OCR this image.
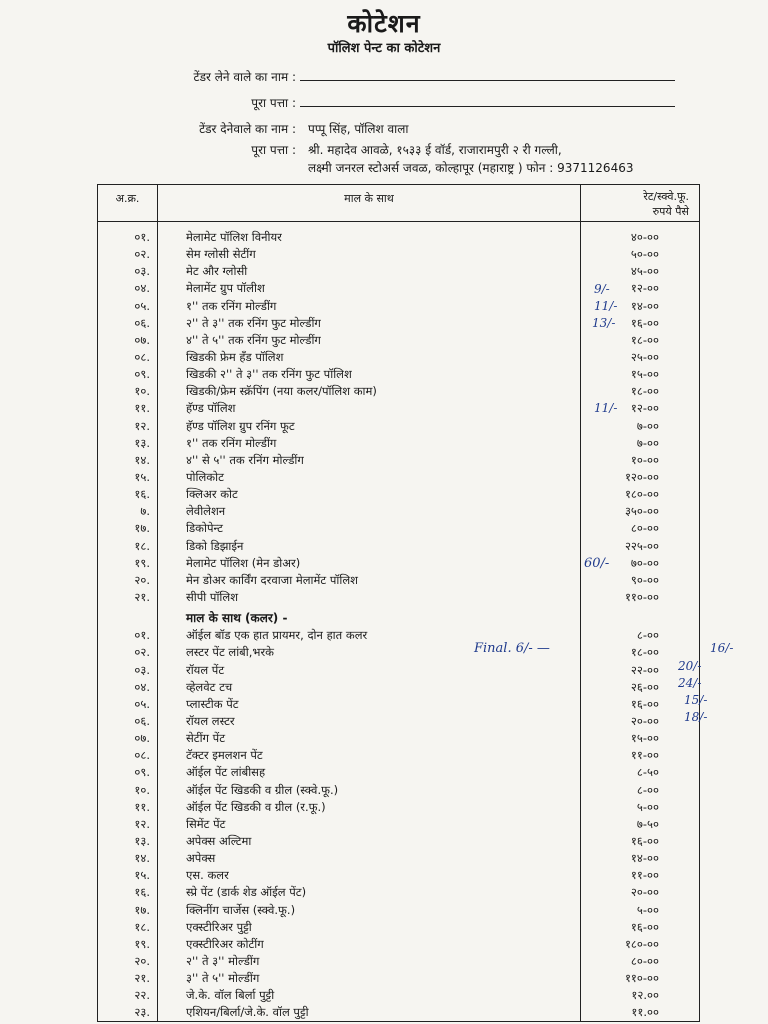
कोटेशन
पॉलिश पेन्ट का कोटेशन
टेंडर लेने वाले का नाम :
पूरा पत्ता :
टेंडर देनेवाले का नाम : पप्पू सिंह, पॉलिश वाला
पूरा पत्ता : श्री. महादेव आवळे, १५३३ ई वॉर्ड, राजारामपुरी २ री गल्ली,
लक्ष्मी जनरल स्टोअर्स जवळ, कोल्हापूर (महाराष्ट्र ) फोन : 9371126463
अ.क्र.	माल के साथ	रेट/स्क्वे.फू.
रुपये पैसे

०१.	मेलामेट पॉलिश विनीयर	४०-००
०२.	सेम ग्लोसी सेटींग	५०-००
०३.	मेट और ग्लोसी	४५-००
०४.	मेलामेंट ग्रुप पॉलीश	१२-००
०५.	१'' तक रनिंग मोल्डींग	१४-००
०६.	२'' ते ३'' तक रनिंग फुट मोल्डींग	१६-००
०७.	४'' ते ५'' तक रनिंग फुट मोल्डींग	१८-००
०८.	खिडकी फ्रेम हॅंड पॉलिश	२५-००
०९.	खिडकी २'' ते ३'' तक रनिंग फुट पॉलिश	१५-००
१०.	खिडकी/फ्रेम स्क्रॅपिंग (नया कलर/पॉलिश काम)	१८-००
११.	हॅण्ड पॉलिश	१२-००
१२.	हॅण्ड पॉलिश ग्रुप रनिंग फूट	७-००
१३.	१'' तक रनिंग मोल्डींग	७-००
१४.	४'' से ५'' तक रनिंग मोल्डींग	१०-००
१५.	पोलिकोट	१२०-००
१६.	क्लिअर कोट	१८०-००
७.	लेवीलेशन	३५०-००
१७.	डिकोपेन्ट	८०-००
१८.	डिको डिझाईन	२२५-००
१९.	मेलामेट पॉलिश (मेन डोअर)	७०-००
२०.	मेन डोअर कार्विंग दरवाजा मेलामेंट पॉलिश	९०-००
२१.	सीपी पॉलिश	११०-००
	माल के साथ (कलर) -	
०१.	ऑईल बॉड एक हात प्रायमर, दोन हात कलर	८-००
०२.	लस्टर पेंट लांबी,भरके	१८-००
०३.	रॉयल पेंट	२२-००
०४.	व्हेलवेट टच	२६-००
०५.	प्लास्टीक पेंट	१६-००
०६.	रॉयल लस्टर	२०-००
०७.	सेटींग पेंट	१५-००
०८.	टॅक्टर इमलशन पेंट	११-००
०९.	ऑईल पेंट लांबीसह	८-५०
१०.	ऑईल पेंट खिडकी व ग्रील (स्क्वे.फू.)	८-००
११.	ऑईल पेंट खिडकी व ग्रील (र.फू.)	५-००
१२.	सिमेंट पेंट	७-५०
१३.	अपेक्स अल्टिमा	१६-००
१४.	अपेक्स	१४-००
१५.	एस. कलर	११-००
१६.	स्प्रे पेंट (डार्क शेड ऑईल पेंट)	२०-००
१७.	क्लिनींग चार्जेस (स्क्वे.फू.)	५-००
१८.	एक्स्टीरिअर पुट्टी	१६-००
१९.	एक्स्टीरिअर कोटींग	१८०-००
२०.	२'' ते ३'' मोल्डींग	८०-००
२१.	३'' ते ५'' मोल्डींग	११०-००
२२.	जे.के. वॉल बिर्ला पुट्टी	१२.००
२३.	एशियन/बिर्ला/जे.के. वॉल पुट्टी	११.००
9/-
11/-
13/-
11/-
60/-
Final. 6/- —	16/-
20/-
24/-
15/-
18/-
